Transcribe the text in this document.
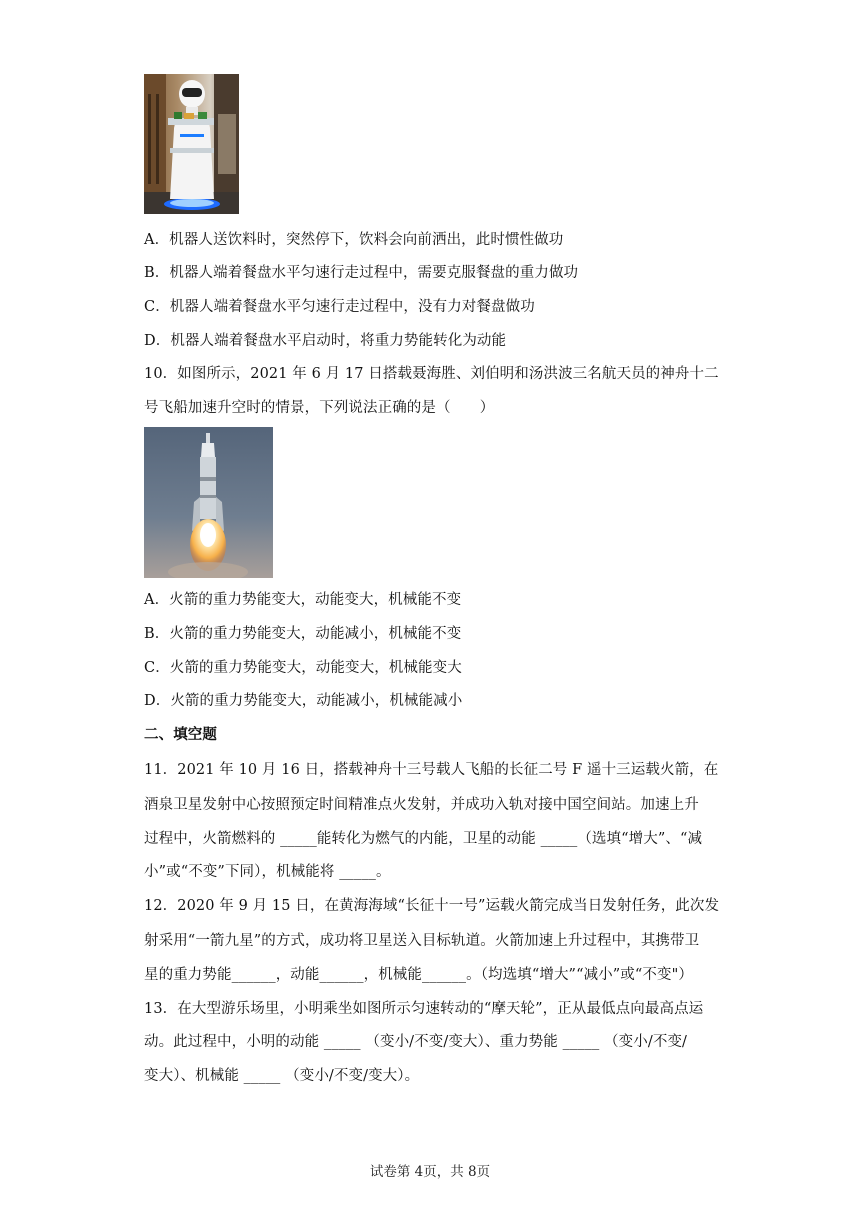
A．机器人送饮料时，突然停下，饮料会向前洒出，此时惯性做功
B．机器人端着餐盘水平匀速行走过程中，需要克服餐盘的重力做功
C．机器人端着餐盘水平匀速行走过程中，没有力对餐盘做功
D．机器人端着餐盘水平启动时，将重力势能转化为动能
10．如图所示，2021 年 6 月 17 日搭载聂海胜、刘伯明和汤洪波三名航天员的神舟十二
号飞船加速升空时的情景，下列说法正确的是（　　）
A．火箭的重力势能变大，动能变大，机械能不变
B．火箭的重力势能变大，动能减小，机械能不变
C．火箭的重力势能变大，动能变大，机械能变大
D．火箭的重力势能变大，动能减小，机械能减小
二、填空题
11．2021 年 10 月 16 日，搭载神舟十三号载人飞船的长征二号 F 遥十三运载火箭，在
酒泉卫星发射中心按照预定时间精准点火发射，并成功入轨对接中国空间站。加速上升
过程中，火箭燃料的 _____能转化为燃气的内能，卫星的动能 _____（选填“增大”、“减
小”或“不变”下同），机械能将 _____。
12．2020 年 9 月 15 日，在黄海海域“长征十一号”运载火箭完成当日发射任务，此次发
射采用“一箭九星”的方式，成功将卫星送入目标轨道。火箭加速上升过程中，其携带卫
星的重力势能______，动能______，机械能______。（均选填“增大”“减小”或“不变"）
13．在大型游乐场里，小明乘坐如图所示匀速转动的“摩天轮”，正从最低点向最高点运
动。此过程中，小明的动能 _____ （变小/不变/变大）、重力势能 _____ （变小/不变/
变大）、机械能 _____ （变小/不变/变大）。
试卷第 4页，共 8页
